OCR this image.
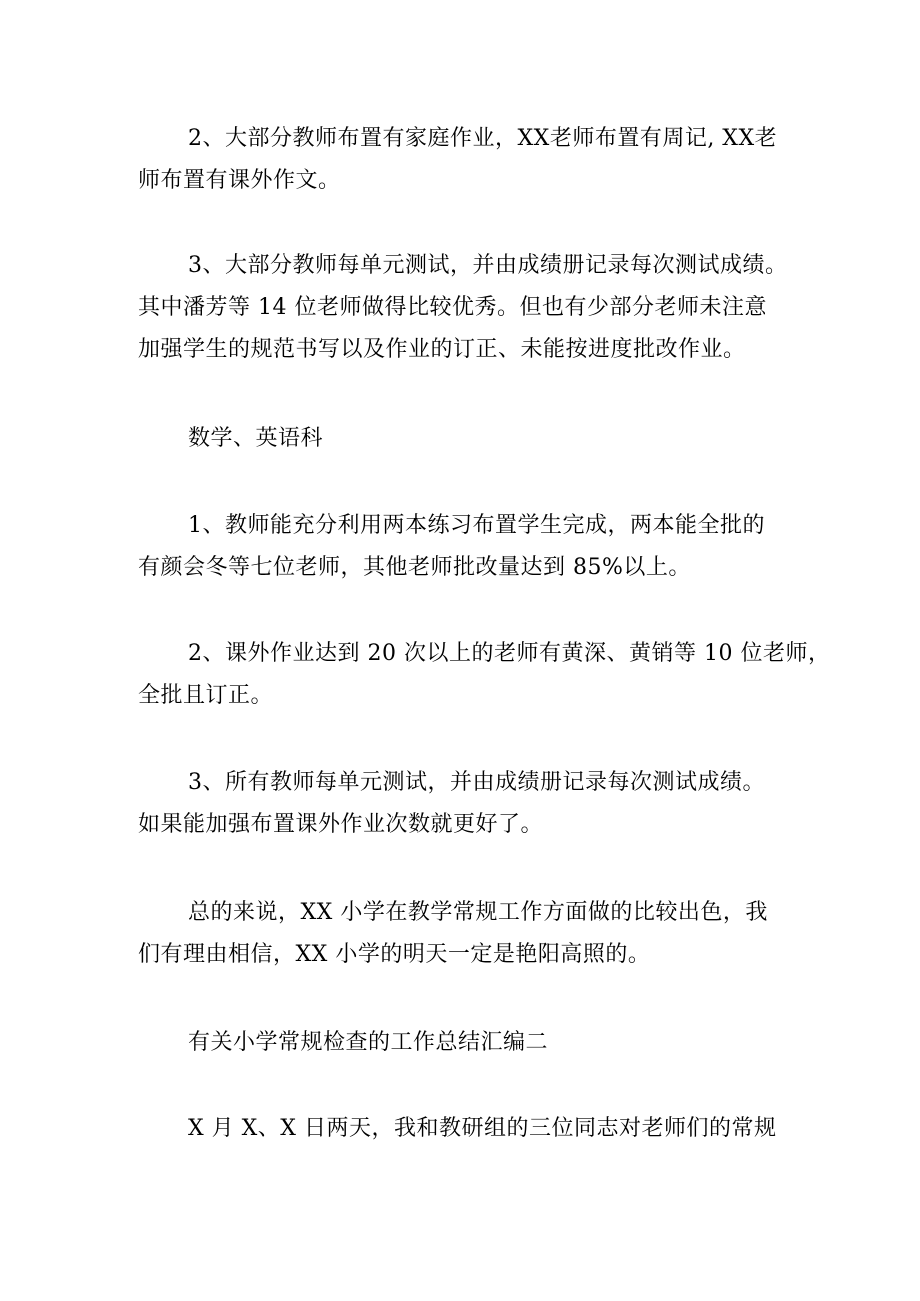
2、大部分教师布置有家庭作业，XX老师布置有周记, XX老
师布置有课外作文。

3、大部分教师每单元测试，并由成绩册记录每次测试成绩。
其中潘芳等 14 位老师做得比较优秀。但也有少部分老师未注意
加强学生的规范书写以及作业的订正、未能按进度批改作业。

数学、英语科

1、教师能充分利用两本练习布置学生完成，两本能全批的
有颜会冬等七位老师，其他老师批改量达到 85%以上。

2、课外作业达到 20 次以上的老师有黄深、黄销等 10 位老师，
全批且订正。

3、所有教师每单元测试，并由成绩册记录每次测试成绩。
如果能加强布置课外作业次数就更好了。

总的来说，XX 小学在教学常规工作方面做的比较出色，我
们有理由相信，XX 小学的明天一定是艳阳高照的。

有关小学常规检查的工作总结汇编二

X 月 X、X 日两天，我和教研组的三位同志对老师们的常规
